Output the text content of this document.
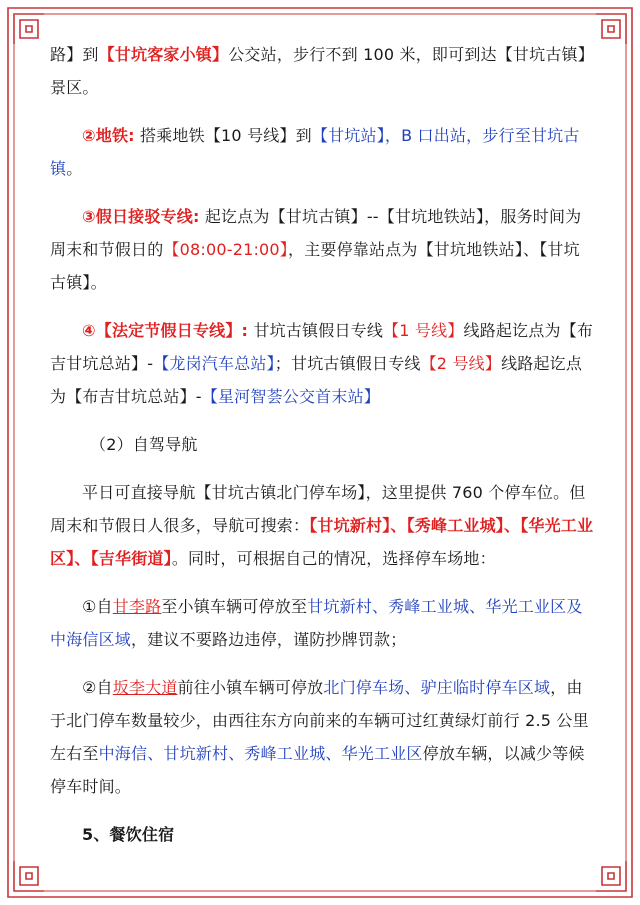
路】到【甘坑客家小镇】公交站，步行不到 100 米，即可到达【甘坑古镇】景区。

②地铁: 搭乘地铁【10 号线】到【甘坑站】，B 口出站，步行至甘坑古镇。

③假日接驳专线: 起讫点为【甘坑古镇】--【甘坑地铁站】，服务时间为周末和节假日的【08:00-21:00】，主要停靠站点为【甘坑地铁站】、【甘坑古镇】。

④【法定节假日专线】: 甘坑古镇假日专线【1 号线】线路起讫点为【布吉甘坑总站】-【龙岗汽车总站】；甘坑古镇假日专线【2 号线】线路起讫点为【布吉甘坑总站】-【星河智荟公交首末站】

（2）自驾导航

平日可直接导航【甘坑古镇北门停车场】，这里提供 760 个停车位。但周末和节假日人很多，导航可搜索：【甘坑新村】、【秀峰工业城】、【华光工业区】、【吉华街道】。同时，可根据自己的情况，选择停车场地：

①自甘李路至小镇车辆可停放至甘坑新村、秀峰工业城、华光工业区及中海信区域，建议不要路边违停，谨防抄牌罚款；

②自坂李大道前往小镇车辆可停放北门停车场、驴庄临时停车区域，由于北门停车数量较少，由西往东方向前来的车辆可过红黄绿灯前行 2.5 公里左右至中海信、甘坑新村、秀峰工业城、华光工业区停放车辆，以减少等候停车时间。

5、餐饮住宿
